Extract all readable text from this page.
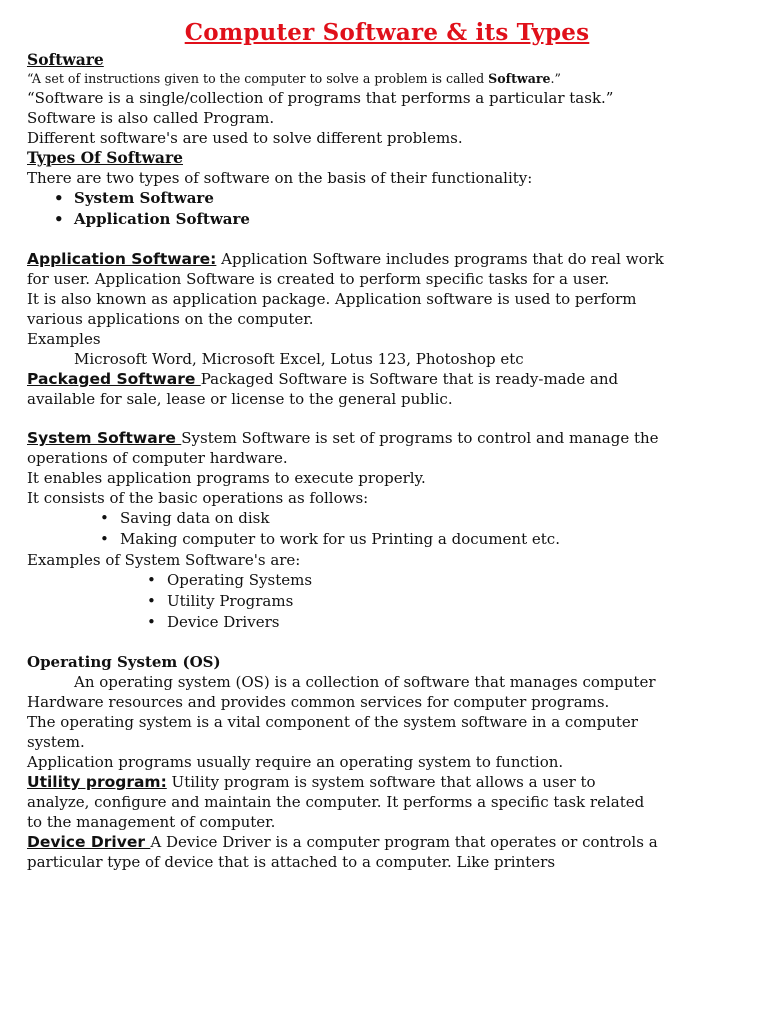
Computer Software & its Types
Software
“A set of instructions given to the computer to solve a problem is called Software.”
“Software is a single/collection of programs that performs a particular task.”
Software is also called Program.
Different software's are used to solve different problems.
Types Of Software
There are two types of software on the basis of their functionality:
• System Software
• Application Software
Application Software: Application Software includes programs that do real work
for user. Application Software is created to perform specific tasks for a user.
It is also known as application package. Application software is used to perform
various applications on the computer.
Examples
Microsoft Word, Microsoft Excel, Lotus 123, Photoshop etc
Packaged Software Packaged Software is Software that is ready-made and
available for sale, lease or license to the general public.
System Software System Software is set of programs to control and manage the
operations of computer hardware.
It enables application programs to execute properly.
It consists of the basic operations as follows:
• Saving data on disk
• Making computer to work for us Printing a document etc.
Examples of System Software's are:
• Operating Systems
• Utility Programs
• Device Drivers
Operating System (OS)
An operating system (OS) is a collection of software that manages computer
Hardware resources and provides common services for computer programs.
The operating system is a vital component of the system software in a computer
system.
Application programs usually require an operating system to function.
Utility program: Utility program is system software that allows a user to
analyze, configure and maintain the computer. It performs a specific task related
to the management of computer.
Device Driver A Device Driver is a computer program that operates or controls a
particular type of device that is attached to a computer. Like printers
